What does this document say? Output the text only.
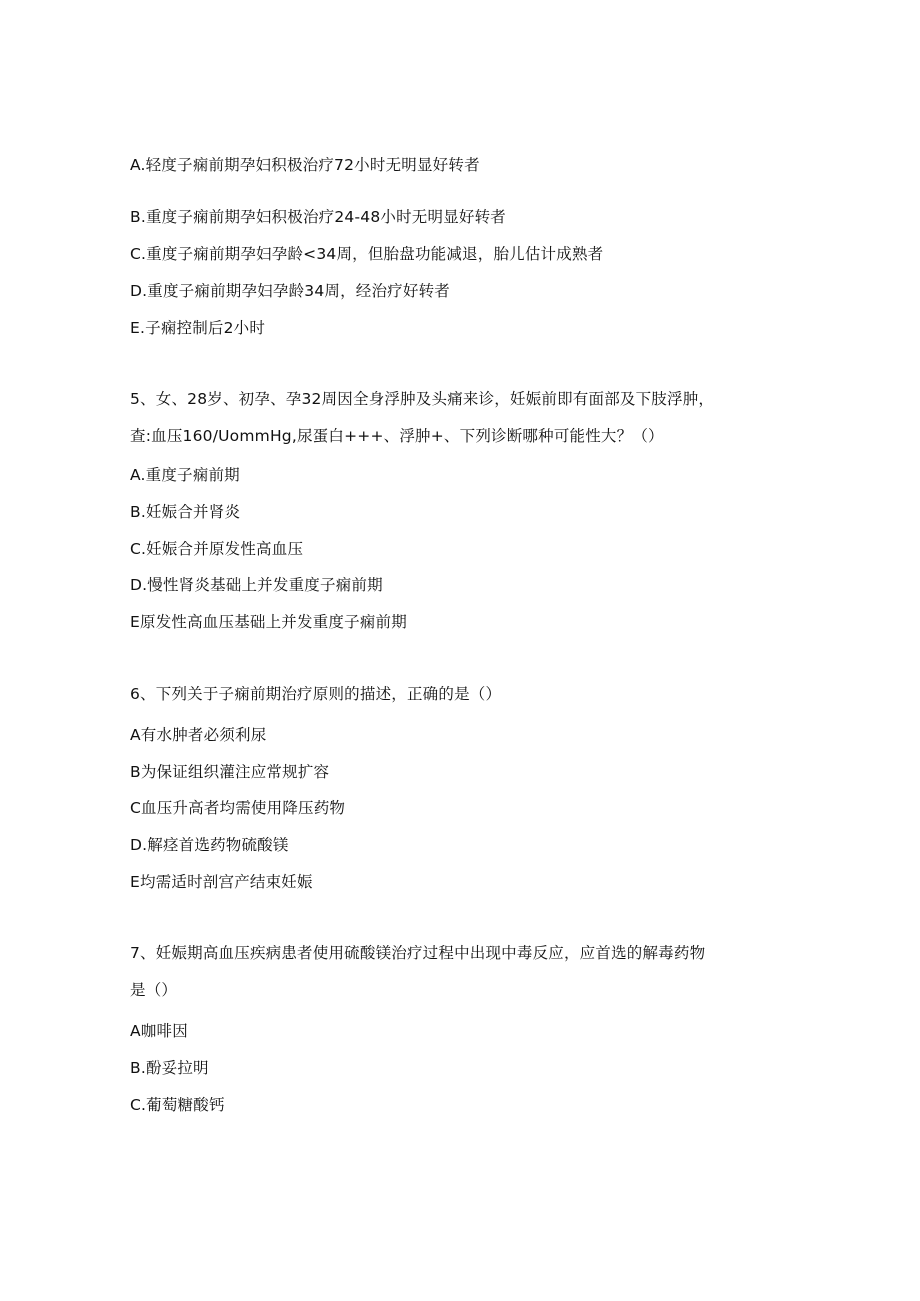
A.轻度子痫前期孕妇积极治疗72小时无明显好转者
B.重度子痫前期孕妇积极治疗24-48小时无明显好转者
C.重度子痫前期孕妇孕龄<34周，但胎盘功能减退，胎儿估计成熟者
D.重度子痫前期孕妇孕龄34周，经治疗好转者
E.子痫控制后2小时
5、女、28岁、初孕、孕32周因全身浮肿及头痛来诊，妊娠前即有面部及下肢浮肿，
查:血压160/UommHg,尿蛋白+++、浮肿+、下列诊断哪种可能性大？（）
A.重度子痫前期
B.妊娠合并肾炎
C.妊娠合并原发性高血压
D.慢性肾炎基础上并发重度子痫前期
E原发性高血压基础上并发重度子痫前期
6、下列关于子痫前期治疗原则的描述，正确的是（）
A有水肿者必须利尿
B为保证组织灌注应常规扩容
C血压升高者均需使用降压药物
D.解痉首选药物硫酸镁
E均需适时剖宫产结束妊娠
7、妊娠期高血压疾病患者使用硫酸镁治疗过程中出现中毒反应，应首选的解毒药物
是（）
A咖啡因
B.酚妥拉明
C.葡萄糖酸钙
